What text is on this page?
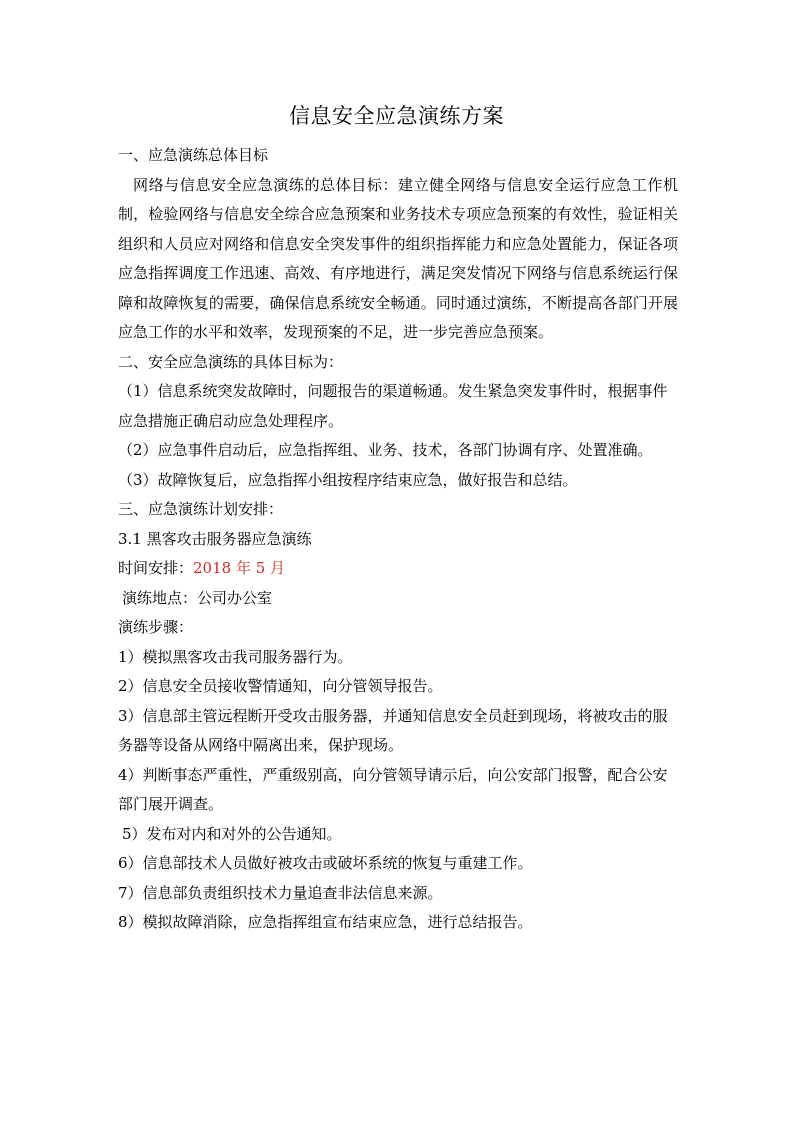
信息安全应急演练方案

一、应急演练总体目标

网络与信息安全应急演练的总体目标：建立健全网络与信息安全运行应急工作机制，检验网络与信息安全综合应急预案和业务技术专项应急预案的有效性，验证相关组织和人员应对网络和信息安全突发事件的组织指挥能力和应急处置能力，保证各项应急指挥调度工作迅速、高效、有序地进行，满足突发情况下网络与信息系统运行保障和故障恢复的需要，确保信息系统安全畅通。同时通过演练，不断提高各部门开展应急工作的水平和效率，发现预案的不足，进一步完善应急预案。

二、安全应急演练的具体目标为：

（1）信息系统突发故障时，问题报告的渠道畅通。发生紧急突发事件时，根据事件应急措施正确启动应急处理程序。

（2）应急事件启动后，应急指挥组、业务、技术，各部门协调有序、处置准确。

（3）故障恢复后，应急指挥小组按程序结束应急，做好报告和总结。

三、应急演练计划安排：

3.1 黑客攻击服务器应急演练

时间安排：2018 年 5 月

演练地点：公司办公室

演练步骤：

1）模拟黑客攻击我司服务器行为。

2）信息安全员接收警情通知，向分管领导报告。

3）信息部主管远程断开受攻击服务器，并通知信息安全员赶到现场，将被攻击的服务器等设备从网络中隔离出来，保护现场。

4）判断事态严重性，严重级别高，向分管领导请示后，向公安部门报警，配合公安部门展开调查。

5）发布对内和对外的公告通知。

6）信息部技术人员做好被攻击或破坏系统的恢复与重建工作。

7）信息部负责组织技术力量追查非法信息来源。

8）模拟故障消除，应急指挥组宣布结束应急，进行总结报告。
